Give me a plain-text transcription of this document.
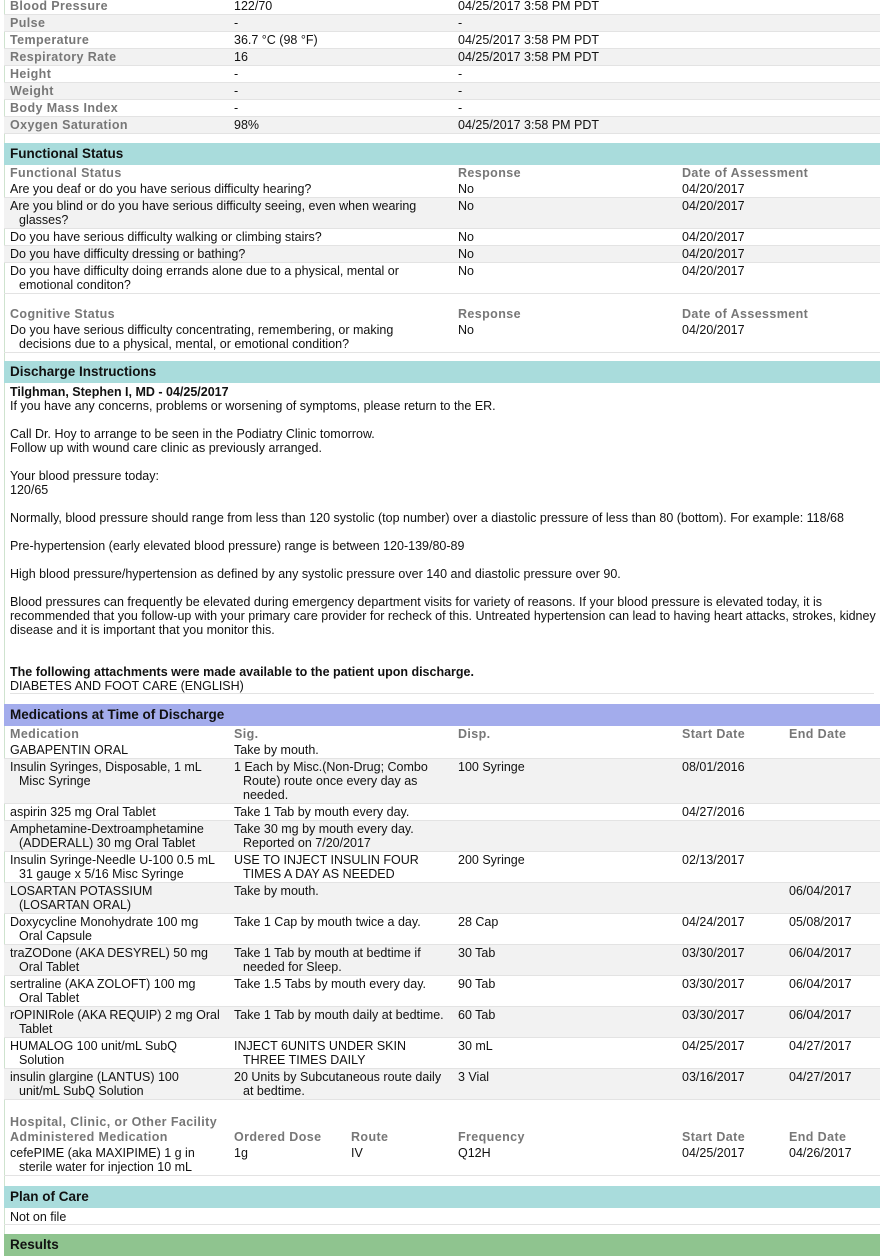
Blood Pressure	122/70	04/25/2017 3:58 PM PDT
Pulse	-	-
Temperature	36.7 °C (98 °F)	04/25/2017 3:58 PM PDT
Respiratory Rate	16	04/25/2017 3:58 PM PDT
Height	-	-
Weight	-	-
Body Mass Index	-	-
Oxygen Saturation	98%	04/25/2017 3:58 PM PDT
Functional Status
Functional Status	Response	Date of Assessment
Are you deaf or do you have serious difficulty hearing?	No	04/20/2017
Are you blind or do you have serious difficulty seeing, even when wearing glasses?	No	04/20/2017
Do you have serious difficulty walking or climbing stairs?	No	04/20/2017
Do you have difficulty dressing or bathing?	No	04/20/2017
Do you have difficulty doing errands alone due to a physical, mental or emotional conditon?	No	04/20/2017
Cognitive Status	Response	Date of Assessment
Do you have serious difficulty concentrating, remembering, or making decisions due to a physical, mental, or emotional condition?	No	04/20/2017
Discharge Instructions
Tilghman, Stephen I, MD - 04/25/2017
If you have any concerns, problems or worsening of symptoms, please return to the ER.
Call Dr. Hoy to arrange to be seen in the Podiatry Clinic tomorrow.
Follow up with wound care clinic as previously arranged.
Your blood pressure today:
120/65
Normally, blood pressure should range from less than 120 systolic (top number) over a diastolic pressure of less than 80 (bottom). For example: 118/68
Pre-hypertension (early elevated blood pressure) range is between 120-139/80-89
High blood pressure/hypertension as defined by any systolic pressure over 140 and diastolic pressure over 90.
Blood pressures can frequently be elevated during emergency department visits for variety of reasons. If your blood pressure is elevated today, it is recommended that you follow-up with your primary care provider for recheck of this. Untreated hypertension can lead to having heart attacks, strokes, kidney disease and it is important that you monitor this.
The following attachments were made available to the patient upon discharge.
DIABETES AND FOOT CARE (ENGLISH)
Medications at Time of Discharge
Medication	Sig.	Disp.	Start Date	End Date
GABAPENTIN ORAL	Take by mouth.			
Insulin Syringes, Disposable, 1 mL Misc Syringe	1 Each by Misc.(Non-Drug; Combo Route) route once every day as needed.	100 Syringe	08/01/2016	
aspirin 325 mg Oral Tablet	Take 1 Tab by mouth every day.		04/27/2016	
Amphetamine-Dextroamphetamine (ADDERALL) 30 mg Oral Tablet	Take 30 mg by mouth every day. Reported on 7/20/2017			
Insulin Syringe-Needle U-100 0.5 mL 31 gauge x 5/16 Misc Syringe	USE TO INJECT INSULIN FOUR TIMES A DAY AS NEEDED	200 Syringe	02/13/2017	
LOSARTAN POTASSIUM (LOSARTAN ORAL)	Take by mouth.			06/04/2017
Doxycycline Monohydrate 100 mg Oral Capsule	Take 1 Cap by mouth twice a day.	28 Cap	04/24/2017	05/08/2017
traZODone (AKA DESYREL) 50 mg Oral Tablet	Take 1 Tab by mouth at bedtime if needed for Sleep.	30 Tab	03/30/2017	06/04/2017
sertraline (AKA ZOLOFT) 100 mg Oral Tablet	Take 1.5 Tabs by mouth every day.	90 Tab	03/30/2017	06/04/2017
rOPINIRole (AKA REQUIP) 2 mg Oral Tablet	Take 1 Tab by mouth daily at bedtime.	60 Tab	03/30/2017	06/04/2017
HUMALOG 100 unit/mL SubQ Solution	INJECT 6UNITS UNDER SKIN THREE TIMES DAILY	30 mL	04/25/2017	04/27/2017
insulin glargine (LANTUS) 100 unit/mL SubQ Solution	20 Units by Subcutaneous route daily at bedtime.	3 Vial	03/16/2017	04/27/2017
Hospital, Clinic, or Other Facility					
Administered Medication	Ordered Dose	Route	Frequency	Start Date	End Date
cefePIME (aka MAXIPIME) 1 g in sterile water for injection 10 mL	1g	IV	Q12H	04/25/2017	04/26/2017
Plan of Care
Not on file
Results
